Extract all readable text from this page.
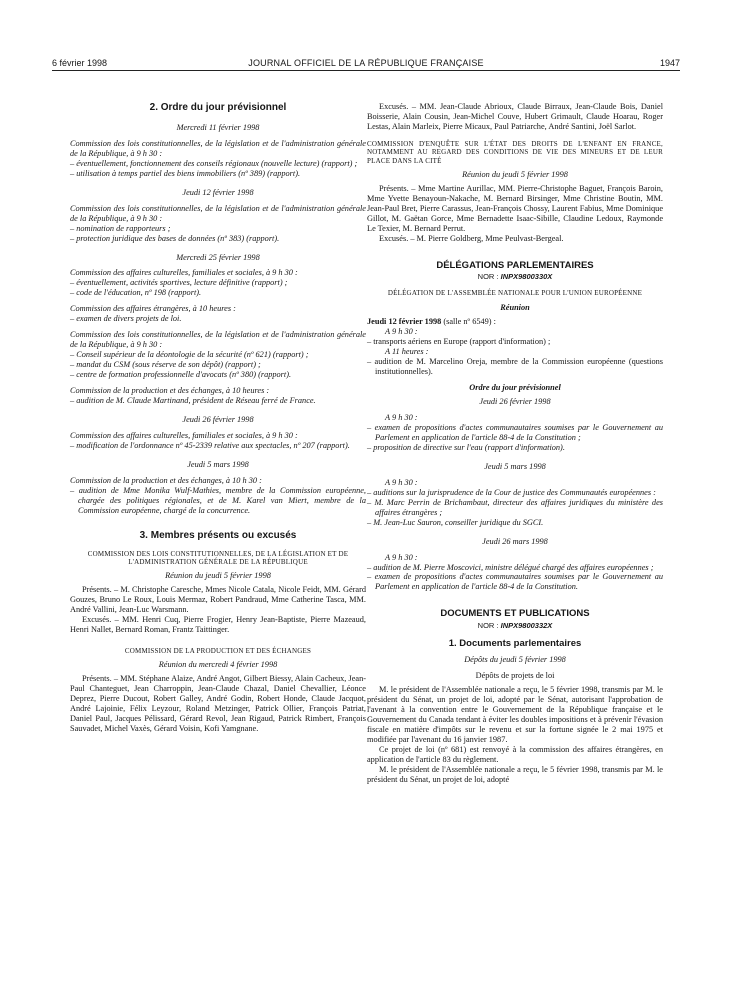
6 février 1998	JOURNAL OFFICIEL DE LA RÉPUBLIQUE FRANÇAISE	1947
2. Ordre du jour prévisionnel
Mercredi 11 février 1998

Commission des lois constitutionnelles, de la législation et de l'administration générale de la République, à 9 h 30 :

– éventuellement, fonctionnement des conseils régionaux (nouvelle lecture) (rapport) ;

– utilisation à temps partiel des biens immobiliers (nº 389) (rapport).

Jeudi 12 février 1998

Commission des lois constitutionnelles, de la législation et de l'administration générale de la République, à 9 h 30 :

– nomination de rapporteurs ;

– protection juridique des bases de données (nº 383) (rapport).

Mercredi 25 février 1998

Commission des affaires culturelles, familiales et sociales, à 9 h 30 :

– éventuellement, activités sportives, lecture définitive (rapport) ;

– code de l'éducation, nº 198 (rapport).

Commission des affaires étrangères, à 10 heures :

– examen de divers projets de loi.

Commission des lois constitutionnelles, de la législation et de l'administration générale de la République, à 9 h 30 :

– Conseil supérieur de la déontologie de la sécurité (nº 621) (rapport) ;

– mandat du CSM (sous réserve de son dépôt) (rapport) ;

– centre de formation professionnelle d'avocats (nº 380) (rapport).

Commission de la production et des échanges, à 10 heures :

– audition de M. Claude Martinand, président de Réseau ferré de France.

Jeudi 26 février 1998

Commission des affaires culturelles, familiales et sociales, à 9 h 30 :

– modification de l'ordonnance nº 45-2339 relative aux spectacles, nº 207 (rapport).

Jeudi 5 mars 1998

Commission de la production et des échanges, à 10 h 30 :

– audition de Mme Monika Wulf-Mathies, membre de la Commission européenne, chargée des politiques régionales, et de M. Karel van Miert, membre de la Commission européenne, chargé de la concurrence.

3. Membres présents ou excusés
COMMISSION DES LOIS CONSTITUTIONNELLES, DE LA LÉGISLATION ET DE L'ADMINISTRATION GÉNÉRALE DE LA RÉPUBLIQUE
Réunion du jeudi 5 février 1998

Présents. – M. Christophe Caresche, Mmes Nicole Catala, Nicole Feidt, MM. Gérard Gouzes, Bruno Le Roux, Louis Mermaz, Robert Pandraud, Mme Catherine Tasca, MM. André Vallini, Jean-Luc Warsmann.

Excusés. – MM. Henri Cuq, Pierre Frogier, Henry Jean-Baptiste, Pierre Mazeaud, Henri Nallet, Bernard Roman, Frantz Taittinger.

COMMISSION DE LA PRODUCTION ET DES ÉCHANGES
Réunion du mercredi 4 février 1998

Présents. – MM. Stéphane Alaize, André Angot, Gilbert Biessy, Alain Cacheux, Jean-Paul Chanteguet, Jean Charroppin, Jean-Claude Chazal, Daniel Chevallier, Léonce Deprez, Pierre Ducout, Robert Galley, André Godin, Robert Honde, Claude Jacquot, André Lajoinie, Félix Leyzour, Roland Metzinger, Patrick Ollier, François Patriat, Daniel Paul, Jacques Pélissard, Gérard Revol, Jean Rigaud, Patrick Rimbert, François Sauvadet, Michel Vaxès, Gérard Voisin, Kofi Yamgnane.

Excusés. – MM. Jean-Claude Abrioux, Claude Birraux, Jean-Claude Bois, Daniel Boisserie, Alain Cousin, Jean-Michel Couve, Hubert Grimault, Claude Hoarau, Roger Lestas, Alain Marleix, Pierre Micaux, Paul Patriarche, André Santini, Joël Sarlot.

COMMISSION D'ENQUÊTE SUR L'ÉTAT DES DROITS DE L'ENFANT EN FRANCE, NOTAMMENT AU REGARD DES CONDITIONS DE VIE DES MINEURS ET DE LEUR PLACE DANS LA CITÉ
Réunion du jeudi 5 février 1998

Présents. – Mme Martine Aurillac, MM. Pierre-Christophe Baguet, François Baroin, Mme Yvette Benayoun-Nakache, M. Bernard Birsinger, Mme Christine Boutin, MM. Jean-Paul Bret, Pierre Carassus, Jean-François Chossy, Laurent Fabius, Mme Dominique Gillot, M. Gaëtan Gorce, Mme Bernadette Isaac-Sibille, Claudine Ledoux, Raymonde Le Texier, M. Bernard Perrut.

Excusés. – M. Pierre Goldberg, Mme Peulvast-Bergeal.

DÉLÉGATIONS PARLEMENTAIRES
NOR : INPX9800330X
DÉLÉGATION DE L'ASSEMBLÉE NATIONALE POUR L'UNION EUROPÉENNE
Réunion

Jeudi 12 février 1998 (salle nº 6549) :

A 9 h 30 :

– transports aériens en Europe (rapport d'information) ;

A 11 heures :

– audition de M. Marcelino Oreja, membre de la Commission européenne (questions institutionnelles).

Ordre du jour prévisionnel
Jeudi 26 février 1998

A 9 h 30 :

– examen de propositions d'actes communautaires soumises par le Gouvernement au Parlement en application de l'article 88-4 de la Constitution ;

– proposition de directive sur l'eau (rapport d'information).

Jeudi 5 mars 1998

A 9 h 30 :

– auditions sur la jurisprudence de la Cour de justice des Communautés européennes :

– M. Marc Perrin de Brichambaut, directeur des affaires juridiques du ministère des affaires étrangères ;

– M. Jean-Luc Sauron, conseiller juridique du SGCI.

Jeudi 26 mars 1998

A 9 h 30 :

– audition de M. Pierre Moscovici, ministre délégué chargé des affaires européennes ;

– examen de propositions d'actes communautaires soumises par le Gouvernement au Parlement en application de l'article 88-4 de la Constitution.

DOCUMENTS ET PUBLICATIONS
NOR : INPX9800332X
1. Documents parlementaires
Dépôts du jeudi 5 février 1998
Dépôts de projets de loi

M. le président de l'Assemblée nationale a reçu, le 5 février 1998, transmis par M. le président du Sénat, un projet de loi, adopté par le Sénat, autorisant l'approbation de l'avenant à la convention entre le Gouvernement de la République française et le Gouvernement du Canada tendant à éviter les doubles impositions et à prévenir l'évasion fiscale en matière d'impôts sur le revenu et sur la fortune signée le 2 mai 1975 et modifiée par l'avenant du 16 janvier 1987.

Ce projet de loi (nº 681) est renvoyé à la commission des affaires étrangères, en application de l'article 83 du règlement.

M. le président de l'Assemblée nationale a reçu, le 5 février 1998, transmis par M. le président du Sénat, un projet de loi, adopté
